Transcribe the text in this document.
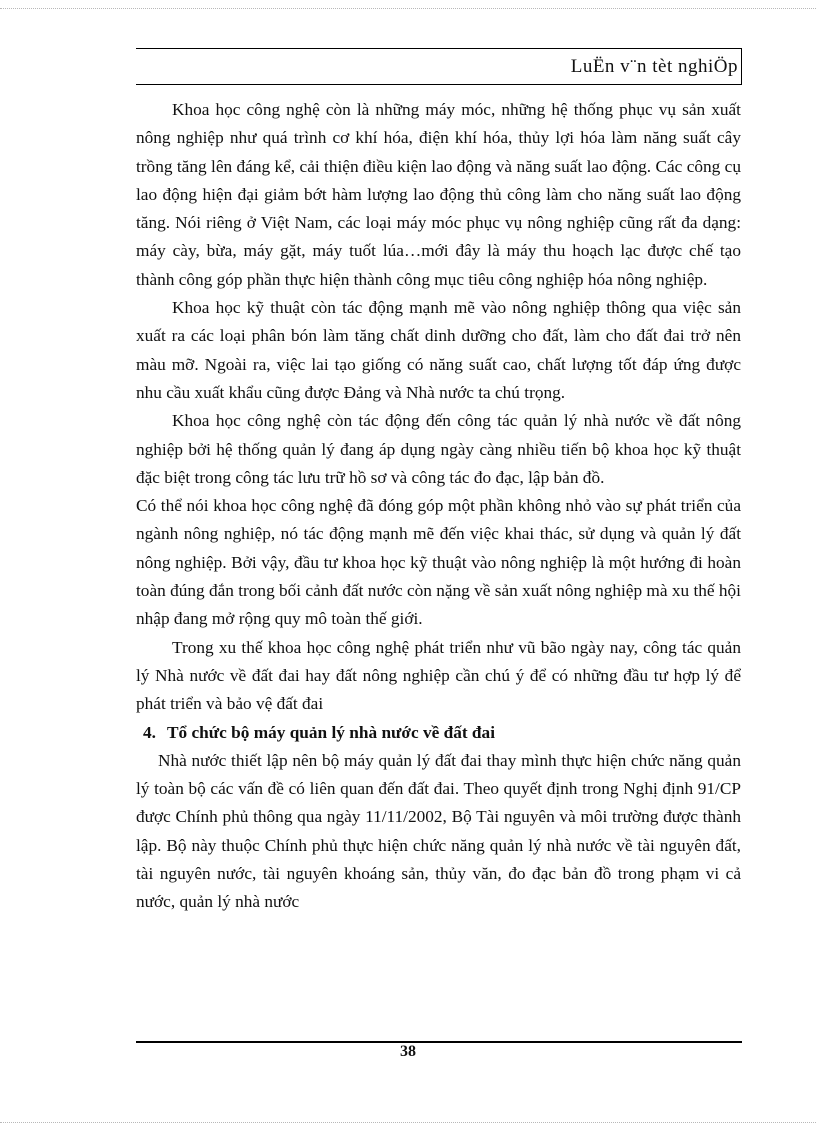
LuËn v¨n tèt nghiÖp

Khoa học công nghệ còn là những máy móc, những hệ thống phục vụ sản xuất nông nghiệp như quá trình cơ khí hóa, điện khí hóa, thủy lợi hóa làm năng suất cây trồng tăng lên đáng kể, cải thiện điều kiện lao động và năng suất lao động. Các công cụ lao động hiện đại giảm bớt hàm lượng lao động thủ công làm cho năng suất lao động tăng. Nói riêng ở Việt Nam, các loại máy móc phục vụ nông nghiệp cũng rất đa dạng: máy cày, bừa, máy gặt, máy tuốt lúa…mới đây là máy thu hoạch lạc được chế tạo thành công góp phần thực hiện thành công mục tiêu công nghiệp hóa nông nghiệp.

Khoa học kỹ thuật còn tác động mạnh mẽ vào nông nghiệp thông qua việc sản xuất ra các loại phân bón làm tăng chất dinh dưỡng cho đất, làm cho đất đai trở nên màu mỡ. Ngoài ra, việc lai tạo giống có năng suất cao, chất lượng tốt đáp ứng được nhu cầu xuất khẩu cũng được Đảng và Nhà nước ta chú trọng.

Khoa học công nghệ còn tác động đến công tác quản lý nhà nước về đất nông nghiệp bởi hệ thống quản lý đang áp dụng ngày càng nhiều tiến bộ khoa học kỹ thuật đặc biệt trong công tác lưu trữ hồ sơ và công tác đo đạc, lập bản đồ.

Có thể nói khoa học công nghệ đã đóng góp một phần không nhỏ vào sự phát triển của ngành nông nghiệp, nó tác động mạnh mẽ đến việc khai thác, sử dụng và quản lý đất nông nghiệp. Bởi vậy, đầu tư khoa học kỹ thuật vào nông nghiệp là một hướng đi hoàn toàn đúng đắn trong bối cảnh đất nước còn nặng về sản xuất nông nghiệp mà xu thế hội nhập đang mở rộng quy mô toàn thế giới.

Trong xu thế khoa học công nghệ phát triển như vũ bão ngày nay, công tác quản lý Nhà nước về đất đai hay đất nông nghiệp cần chú ý để có những đầu tư hợp lý để phát triển và bảo vệ đất đai

4. Tổ chức bộ máy quản lý nhà nước về đất đai

Nhà nước thiết lập nên bộ máy quản lý đất đai thay mình thực hiện chức năng quản lý toàn bộ các vấn đề có liên quan đến đất đai. Theo quyết định trong Nghị định 91/CP được Chính phủ thông qua ngày 11/11/2002, Bộ Tài nguyên và môi trường được thành lập. Bộ này thuộc Chính phủ thực hiện chức năng quản lý nhà nước về tài nguyên đất, tài nguyên nước, tài nguyên khoáng sản, thủy văn, đo đạc bản đồ trong phạm vi cả nước, quản lý nhà nước

38
